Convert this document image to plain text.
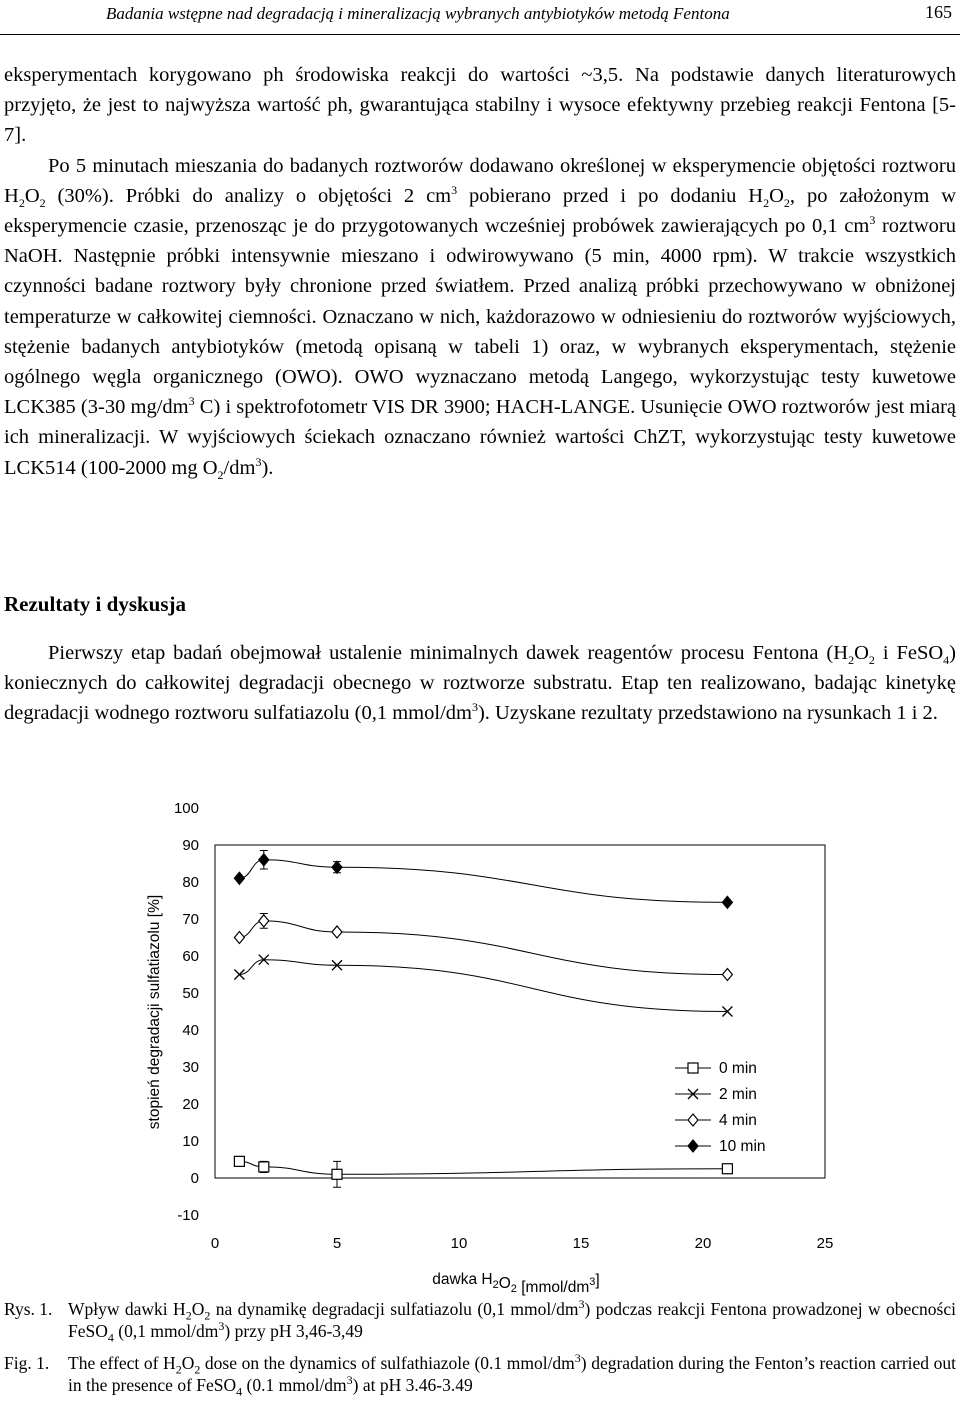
Badania wstępne nad degradacją i mineralizacją wybranych antybiotyków metodą Fentona	165

eksperymentach korygowano ph środowiska reakcji do wartości ~3,5. Na podstawie danych literaturowych przyjęto, że jest to najwyższa wartość ph, gwarantująca stabilny i wysoce efektywny przebieg reakcji Fentona [5-7].

Po 5 minutach mieszania do badanych roztworów dodawano określonej w eksperymencie objętości roztworu $H_2O_2$ (30%). Próbki do analizy o objętości 2 $cm^3$ pobierano przed i po dodaniu $H_2O_2$, po założonym w eksperymencie czasie, przenosząc je do przygotowanych wcześniej probówek zawierających po 0,1 $cm^3$ roztworu NaOH. Następnie próbki intensywnie mieszano i odwirowywano (5 min, 4000 rpm). W trakcie wszystkich czynności badane roztwory były chronione przed światłem. Przed analizą próbki przechowywano w obniżonej temperaturze w całkowitej ciemności. Oznaczano w nich, każdorazowo w odniesieniu do roztworów wyjściowych, stężenie badanych antybiotyków (metodą opisaną w tabeli 1) oraz, w wybranych eksperymentach, stężenie ogólnego węgla organicznego (OWO). OWO wyznaczano metodą Langego, wykorzystując testy kuwetowe LCK385 (3-30 $mg/dm^3$ C) i spektrofotometr VIS DR 3900; HACH-LANGE. Usunięcie OWO roztworów jest miarą ich mineralizacji. W wyjściowych ściekach oznaczano również wartości ChZT, wykorzystując testy kuwetowe LCK514 (100-2000 mg $O_2/dm^3$).

Rezultaty i dyskusja

Pierwszy etap badań obejmował ustalenie minimalnych dawek reagentów procesu Fentona ($H_2O_2$ i FeSO$_4$) koniecznych do całkowitej degradacji obecnego w roztworze substratu. Etap ten realizowano, badając kinetykę degradacji wodnego roztworu sulfatiazolu (0,1 mmol/$dm^3$). Uzyskane rezultaty przedstawiono na rysunkach 1 i 2.

-10
0
10
20
30
40
50
60
70
80
90
100
0	5	10	15	20	25
stopień degradacji sulfatiazolu [%]
dawka $H_2O_2$ $[mmol/dm^3]$
0 min
2 min
4 min
10 min
Rys. 1. Wpływ dawki $H_2O_2$ na dynamikę degradacji sulfatiazolu (0,1 mmol/$dm^3$) podczas reakcji Fentona prowadzonej w obecności FeSO$_4$ (0,1 mmol/$dm^3$) przy pH 3,46-3,49
Fig. 1.	The effect of $H_2O_2$ dose on the dynamics of sulfathiazole (0.1 mmol/$dm^3$) degradation during the Fenton’s reaction carried out in the presence of FeSO$_4$ (0.1 mmol/$dm^3$) at pH 3.46-3.49
